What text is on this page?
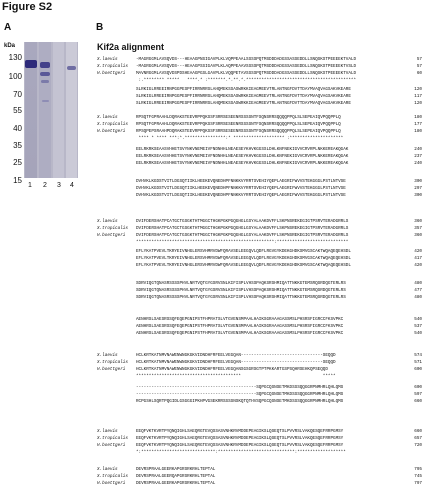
Figure S2
A
kDa
130
100
70
55
40
35
25
15
1 2 3 4
B
Kif2a alignment
X.laevis	-MAGRGGMLAVSQVDS---HEAAGPNSIGAVPLKLVQPPEAALSSSSPQTMSDDDADGSSASSEDDLLSNQSKSTPEEEEKTVALD	57
X.tropicalis -MAGRGGMLAVSQVDS---HEAAGPSSIGAVPLKLAQPPEAAVSSSSPQTMSDDDADGSSASSEDDLLSNQSKSTPEEEEKTVSLD	57
H.boettgeri MAVNRGGMLAVSQVDSPDSHEAAGPGSLGAVPLKLVQQPETAVSSSSPQTMSDDDADGSSASSEDDLLSNQSKSTPEEEEKTVALD	60
:.******** *****   ****.* :*******.*.**.*.*******************************************
SLRKIGLRREEIRNPGGPESPFIRRNRRSLAHQMEKSSASWRKKIEAGMEEVTRLANTNGFDVTTDAYMVAQVAGSAKVKEARE	120
SLRKIGLRREEIRNPGGPESPFIRRNRRSLAHQMEKSSASWRKKIEAGMEEVTRLANTNGFDVTTDAYMVAQVAGSAKVKEARE	117
SLRKIGLRREEIRNPGGPESPFIRRNRRSLAHQMEKSSASWRKKIEAGMEEVTRLANTNGFDVTTDAYMVAQVAGSAKVKEARE	120
X.laevis	RPSQTFGPRAAHLDQRAKSTEEVRPPQKSSFSRRSESEENRSSSSNTFSQNSRRSQQQQPPQLSLSEPEAIQVPQQPPLQ	180
X.tropicalis RPSQTFGPRAAHLDQRAKSTEEVRPPQKSSFSRRSESEENRSSSSNTFSQNSRRSQQQQPPQLSLSEPEAIQVPQQPPLQ	177
H.boettgeri RPSQPEPSRAAHPDQRAKSTEEVRPPQKSSFSRRSESEENRSSSSNTFSQNSRRSQQQQPPQLSLSEPEAIQVPQQPPLQ	180
**** * **** ***:*.****************:* ******************** :*********************
EELRKRKSEAASVHHETSVYNKVNEMEIVFNDNHHLNEAESEYKHVKGGSSLDHLKNFNEKIGVVCRVRPLNKKEREAKQGAK	240
EELRKRKSEAASVHHETSVYNKVNEMEIVFNDNHHLNEAESEYKHVKGGSSLDHLKNFNEKIGVVCRVRPLNKKEREAKQGAK	237
EELRKRKSEAASVHHETSVYNKVNEMEIVFNDNHHLNEAESEYKHVKGGSSLDHLKNFNEKIGVVCRVRPLNKKEREAKQGAK	240
DVHVKLKGDSTVITLDGSQTIIKLHEEKEVQNEDHPFNNKKVYRRTSVEHIYQEPLAEGRIFWVVSTEKGGGLPSTLNTVSE	300
DVHVKLKGDSTVITLDGSQTIIKLHEEKEVQNEDHPFNNKKVYRRTSVEHIYQEPLAEGRIFWVVSTEKGGGLPSTLNTVSE	297
DVHVKLKGDSTVITLDGSQTIIKLHEEKEVQNEDHPFNNKKVYRRTSVEHIYQEPLAEGRIFWVVSTEKGGGLPSTLNTVSE	300
X.laevis	DVIFDERSHATPCATGCTGSGKTHTMGGCTHGKPGKPGQGHGLGSYALAAKDVFFLSKPNSREKEGIGTPSRVTERADGRRLS	360
X.tropicalis DVIFDERSHATPCATGCTGSGKTHTMGGCTHGKPGKPGQGHGLGSYALAAKDVFFLSKPNSREKEGIGTPSRVTERADGRRLS	357
H.boettgeri DVIFDERSHATPCATGCTGSGKTHTMGGCTHGKPGKPGQGHGLGSYALAAKDVFFLSKPNSREKEGIGTPSRVTERADGRRLS	360
******************************************************:****************************
EFLYKATPVEVLTKRYEIVNHGLERSVHMRVDWFQRAVSELEEGQVLQDFLRGVGYKDEKGHDKSMVGSCAKTWQAQEQEHSDL	420
EFLYKATPVEVLTKRYEIVNHGLERSVHMRVDWFQRAVSELEEGQVLQDFLRGVGYKDEKGHDKSMVGSCAKTWQAQEQEHSDL	417
EFLYKATPVEVLTKRYEIVNHGLERSVHMRVDWFQRAVSELEEGQVLQDFLRGVGYKDEKGHDKSMVGSCAKTWQAQEQEHSDL	420
SDRVIQGTQNASRSSSSPHVLNRTVQTGYGSRVSNLKIFISPLVHSSPAQKSRSHMIQATTNKKGTEMSRQSRDQGTERLRS	480
SDRVIQGTQNASRSSSSPHVLNRTVQTGYGSRVSNLKIFISPLVHSSPAQKSRSHMIQATTNKKGTEMSRQSRDQGTERLRS	477
SDRVIQGTQNASRSSSSPHVLNRTVQTGYGSRVSNLKIFISPLVHSSPAQKSRSHMIQATTNKKGTEMSRQSRDQGTERLRS	480
AENHRSLSAESRSSQFEQEPGNIPSTFHPRATSLVTGVENSMPAALHAIKSGRAAAGASSMSLPHSRSFIGRCCFKSVPKC	540
AENHRSLSAESRSSQFEQEPGNIPSTFHPRATSLVTGVENSMPAALHAIKSGRAAAGASSMSLPHSRSFIGRCCFKSVPKC	537
AENHRSLSAESRSSQFEQEPGNIPSTFHPRATSLVTGVENSMPAALHAIKSGRAAAGASSMSLPHSRSFIGRCCFKSVPKC	540
X.laevis	HCLKRTKATNMVNAWENWNGKGKVIDNDHFRFEELVEGQAN--------------------------------SEQQD	574
X.tropicalis HCLKRTKATNMVNAWENWNGKGKVIDNDHFRFEELVEGQAN--------------------------------SEQQD	571
H.boettgeri HCLKRTKATNMVNAWENWNGKGKVIDNDHFRFEELVEGQANSGSGRSGTPTPKKARTGSPSQHRSEHKQPSEQQD	600
*****************************************                                *****
-----------------------------------------------SQPGCQSNSETMKDSSSQQGGRPNMHRLQHLQMS	600
-----------------------------------------------SQPGCQSNSETMKDSSSQQGGRPNMHRLQHLQMS	597
RCPGSHLSQRTPQGIDLGSGGGIPKHPVGSEKRRSSSSNSKQTQTHVSQPGCQSNSETMKDSSSQQGGRPNMHRLQHLQMS	660
X.laevis	EEQFVKTKVRTPYQNQIGHLSAEQRGTEVQSSASVNHKRVMDDEPEAGIKSLQSEQTSLPVVRSLVAKQESQEFRRPGMSY	660
X.tropicalis EEQFVKTKVRTPYQNQIGHLSAEQRGTEVQSSASVNHKRVMDDEPEAGIKSLQSEQTSLPVVRSLVAKQESQEFRRPGMSY	657
H.boettgeri EEQFVKTKVRTPYQNQIGHLSAEQRGTEVQSSASVNHKRVMDDEPEAGIKSLQSEQTSLPVVRSLVAKQESQEFRRPGMSY	720
*:*****************************:******************************:*******************
X.laevis	DEVRSPRAALGEERKAPGRSRKRHLTEPTAL	795
X.tropicalis DEVRSPRAALGEERQAPGRSRKRHLTEPTAL	745
H.boettgeri DEVRSPRAALGEERKAPGRSRKRHLTEPTAL	797
